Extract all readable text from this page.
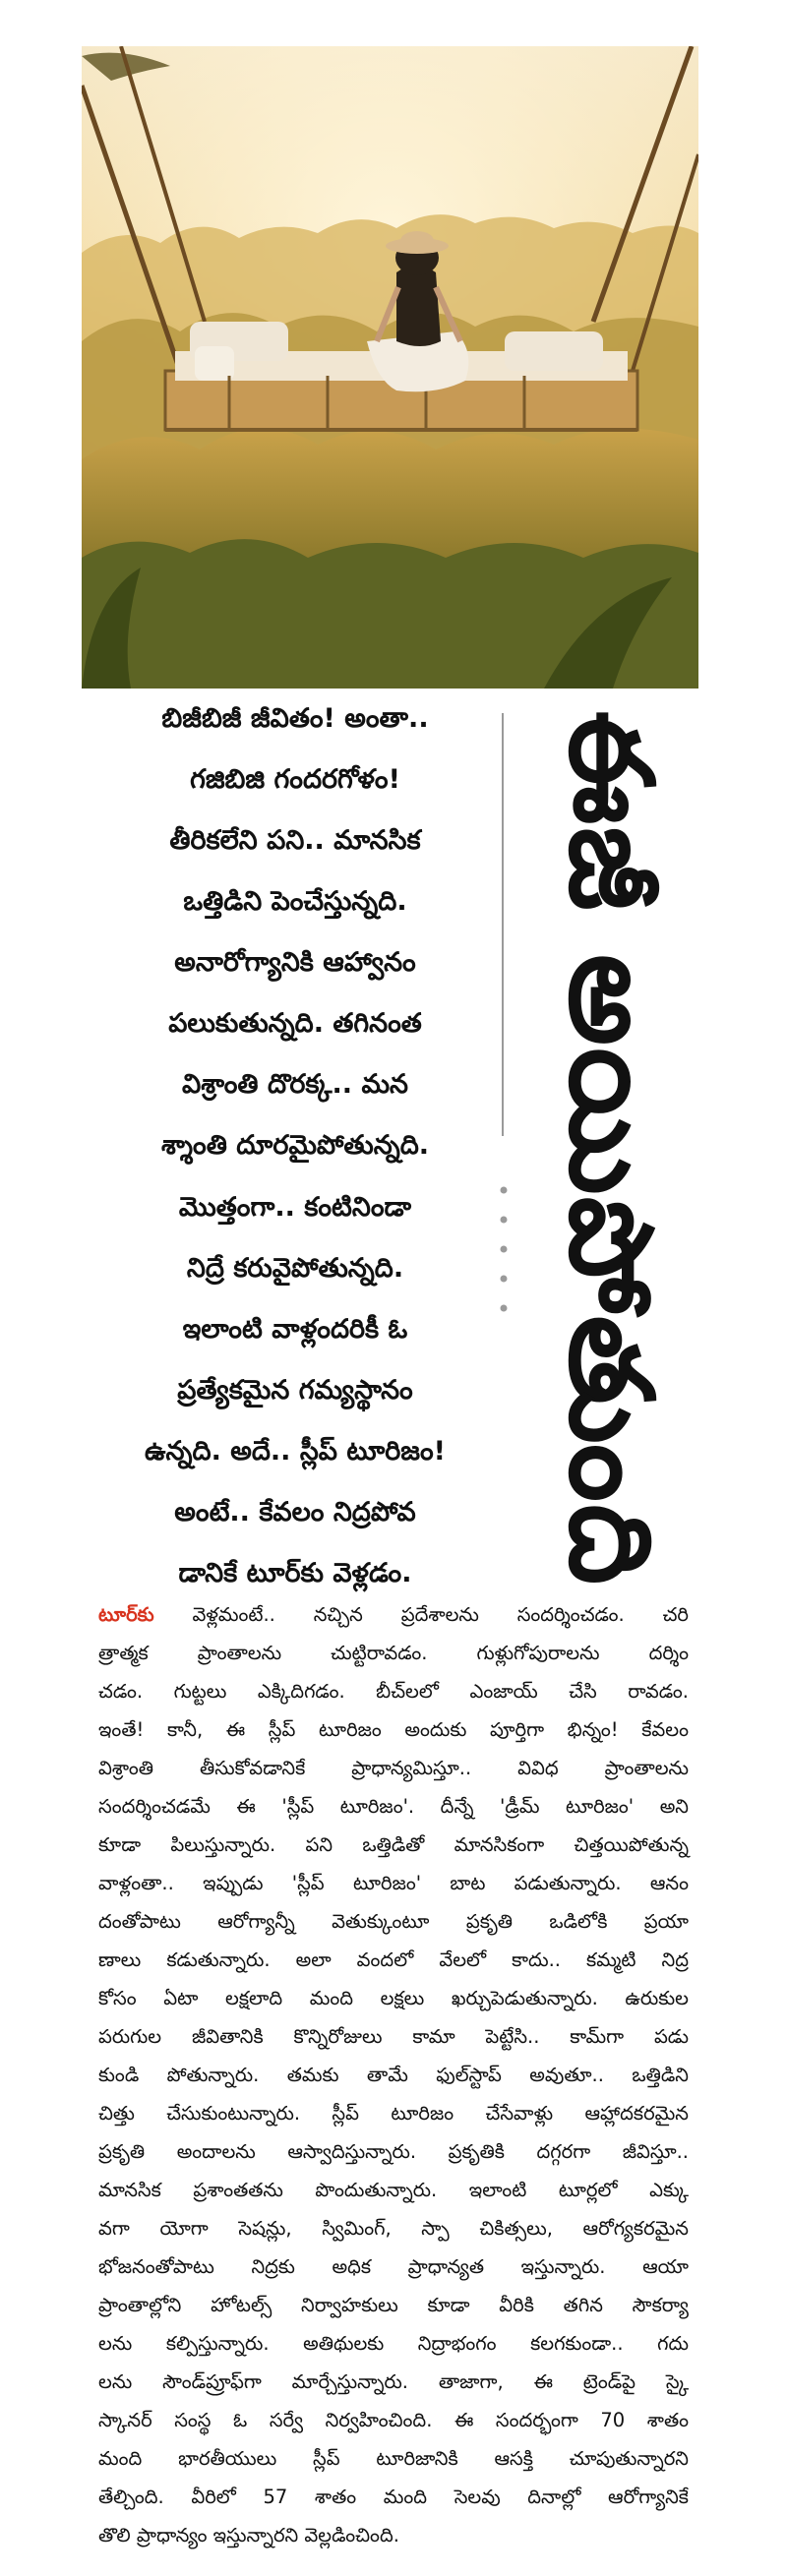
బిజీబిజీ జీవితం! అంతా..
గజిబిజి గందరగోళం!
తీరికలేని పని.. మానసిక
ఒత్తిడిని పెంచేస్తున్నది.
అనారోగ్యానికి ఆహ్వానం
పలుకుతున్నది. తగినంత
విశ్రాంతి దొరక్క.. మన
శ్శాంతి దూరమైపోతున్నది.
మొత్తంగా.. కంటినిండా
నిద్రే కరువైపోతున్నది.
ఇలాంటి వాళ్లందరికీ ఓ
ప్రత్యేకమైన గమ్యస్థానం
ఉన్నది. అదే.. స్లీప్ టూరిజం!
అంటే.. కేవలం నిద్రపోవ
డానికే టూర్‌కు వెళ్లడం.	ఈజీ అయిపోతుంది
టూర్‌కు వెళ్లమంటే.. నచ్చిన ప్రదేశాలను సందర్శించడం. చరి
త్రాత్మక ప్రాంతాలను చుట్టిరావడం. గుళ్లుగోపురాలను దర్శిం
చడం. గుట్టలు ఎక్కిదిగడం. బీచ్‌లలో ఎంజాయ్ చేసి రావడం.
ఇంతే! కానీ, ఈ స్లీప్ టూరిజం అందుకు పూర్తిగా భిన్నం! కేవలం
విశ్రాంతి తీసుకోవడానికే ప్రాధాన్యమిస్తూ.. వివిధ ప్రాంతాలను
సందర్శించడమే ఈ 'స్లీప్ టూరిజం'. దీన్నే 'డ్రీమ్ టూరిజం' అని
కూడా పిలుస్తున్నారు. పని ఒత్తిడితో మానసికంగా చిత్తయిపోతున్న
వాళ్లంతా.. ఇప్పుడు 'స్లీప్ టూరిజం' బాట పడుతున్నారు. ఆనం
దంతోపాటు ఆరోగ్యాన్నీ వెతుక్కుంటూ ప్రకృతి ఒడిలోకి ప్రయా
ణాలు కడుతున్నారు. అలా వందలో వేలలో కాదు.. కమ్మటి నిద్ర
కోసం ఏటా లక్షలాది మంది లక్షలు ఖర్చుపెడుతున్నారు. ఉరుకుల
పరుగుల జీవితానికి కొన్నిరోజులు కామా పెట్టేసి.. కామ్‌గా పడు
కుండి పోతున్నారు. తమకు తామే ఫుల్‌స్టాప్ అవుతూ.. ఒత్తిడిని
చిత్తు చేసుకుంటున్నారు. స్లీప్ టూరిజం చేసేవాళ్లు ఆహ్లాదకరమైన
ప్రకృతి అందాలను ఆస్వాదిస్తున్నారు. ప్రకృతికి దగ్గరగా జీవిస్తూ..
మానసిక ప్రశాంతతను పొందుతున్నారు. ఇలాంటి టూర్లలో ఎక్కు
వగా యోగా సెషన్లు, స్విమింగ్, స్పా చికిత్సలు, ఆరోగ్యకరమైన
భోజనంతోపాటు నిద్రకు అధిక ప్రాధాన్యత ఇస్తున్నారు. ఆయా
ప్రాంతాల్లోని హోటల్స్ నిర్వాహకులు కూడా వీరికి తగిన సౌకర్యా
లను కల్పిస్తున్నారు. అతిథులకు నిద్రాభంగం కలగకుండా.. గదు
లను సౌండ్‌ప్రూఫ్‌గా మార్చేస్తున్నారు. తాజాగా, ఈ ట్రెండ్‌పై స్కై
స్కానర్ సంస్థ ఓ సర్వే నిర్వహించింది. ఈ సందర్భంగా 70 శాతం
మంది భారతీయులు స్లీప్ టూరిజానికి ఆసక్తి చూపుతున్నారని
తేల్చింది. వీరిలో 57 శాతం మంది సెలవు దినాల్లో ఆరోగ్యానికే
తొలి ప్రాధాన్యం ఇస్తున్నారని వెల్లడించింది.
